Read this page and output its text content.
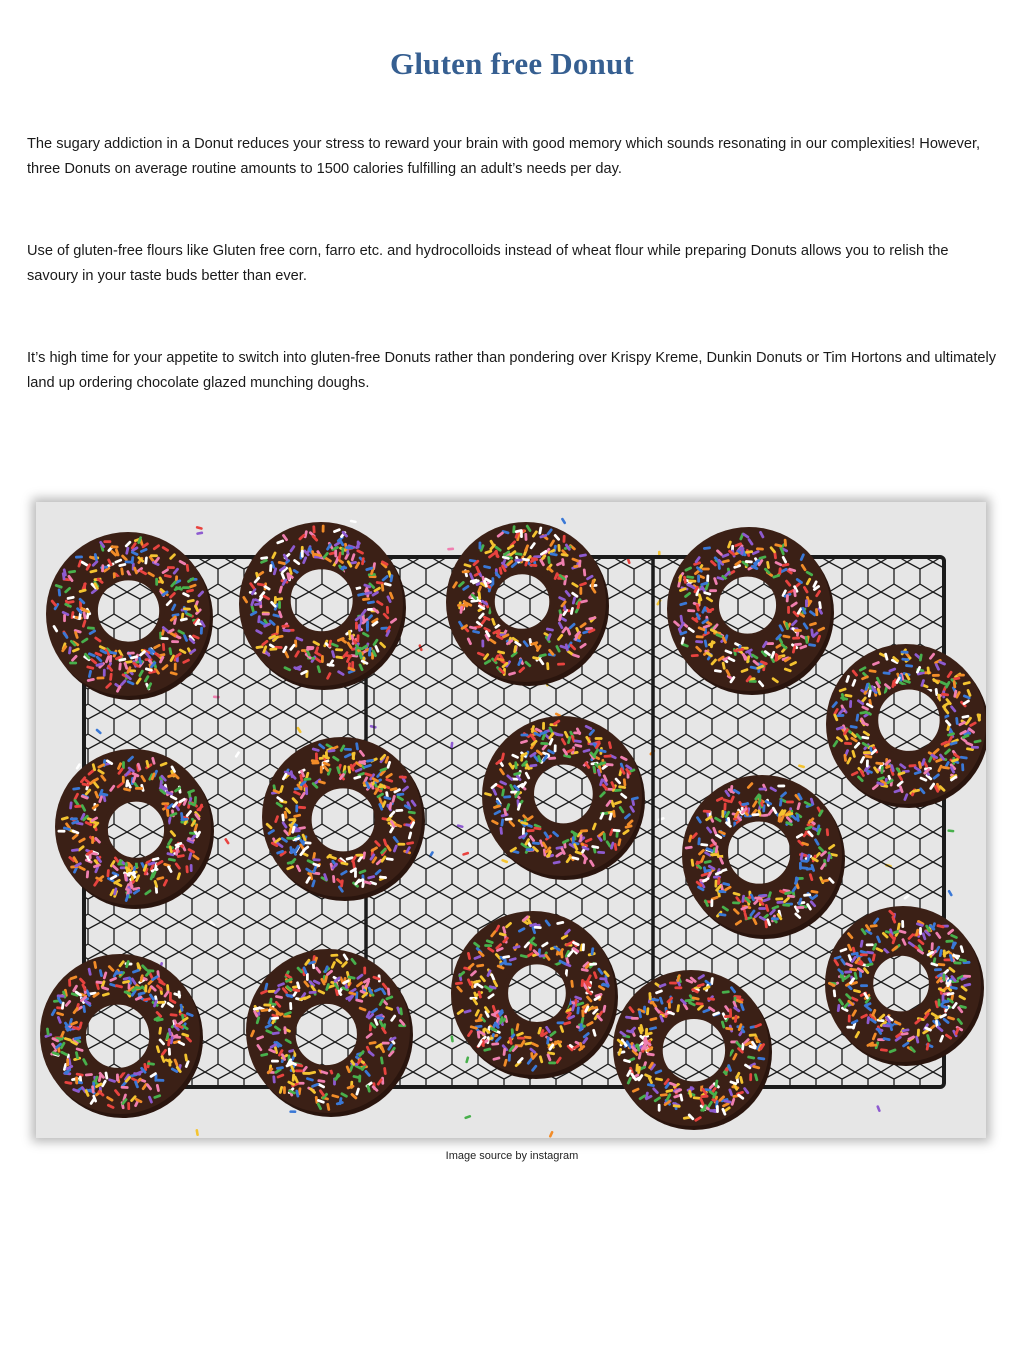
Gluten free Donut

The sugary addiction in a Donut reduces your stress to reward your brain with good memory which sounds resonating in our complexities! However, three Donuts on average routine amounts to 1500 calories fulfilling an adult’s needs per day.

Use of gluten-free flours like Gluten free corn, farro etc. and hydrocolloids instead of wheat flour while preparing Donuts allows you to relish the savoury in your taste buds better than ever.

It’s high time for your appetite to switch into gluten-free Donuts rather than pondering over Krispy Kreme, Dunkin Donuts or Tim Hortons and ultimately land up ordering chocolate glazed munching doughs.

Image source by instagram
